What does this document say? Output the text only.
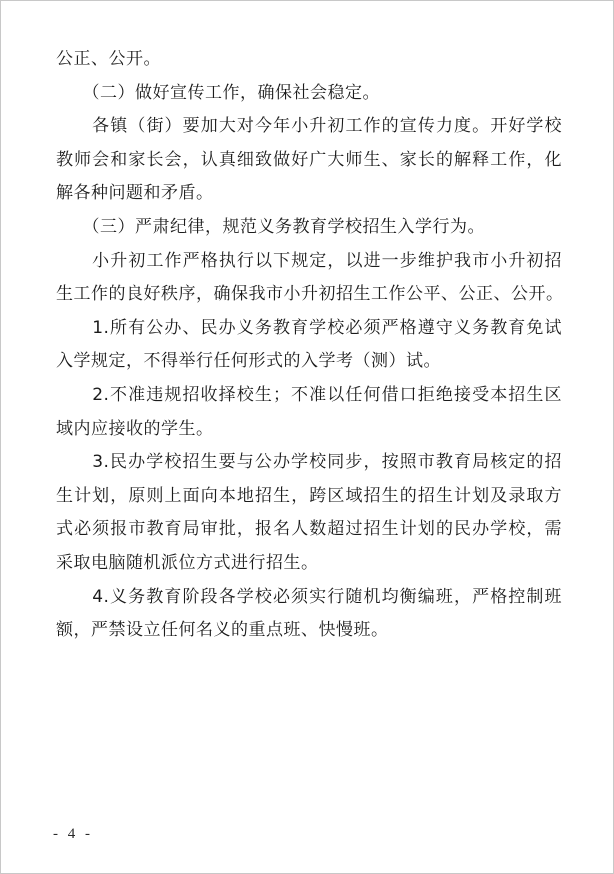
公正、公开。

　　（二）做好宣传工作，确保社会稳定。

　　各镇（街）要加大对今年小升初工作的宣传力度。开好学校
教师会和家长会，认真细致做好广大师生、家长的解释工作，化
解各种问题和矛盾。

　　（三）严肃纪律，规范义务教育学校招生入学行为。

　　小升初工作严格执行以下规定，以进一步维护我市小升初招
生工作的良好秩序，确保我市小升初招生工作公平、公正、公开。

　　1.所有公办、民办义务教育学校必须严格遵守义务教育免试
入学规定，不得举行任何形式的入学考（测）试。

　　2.不准违规招收择校生；不准以任何借口拒绝接受本招生区
域内应接收的学生。

　　3.民办学校招生要与公办学校同步，按照市教育局核定的招
生计划，原则上面向本地招生，跨区域招生的招生计划及录取方
式必须报市教育局审批，报名人数超过招生计划的民办学校，需
采取电脑随机派位方式进行招生。

　　4.义务教育阶段各学校必须实行随机均衡编班，严格控制班
额，严禁设立任何名义的重点班、快慢班。

- 4 -
